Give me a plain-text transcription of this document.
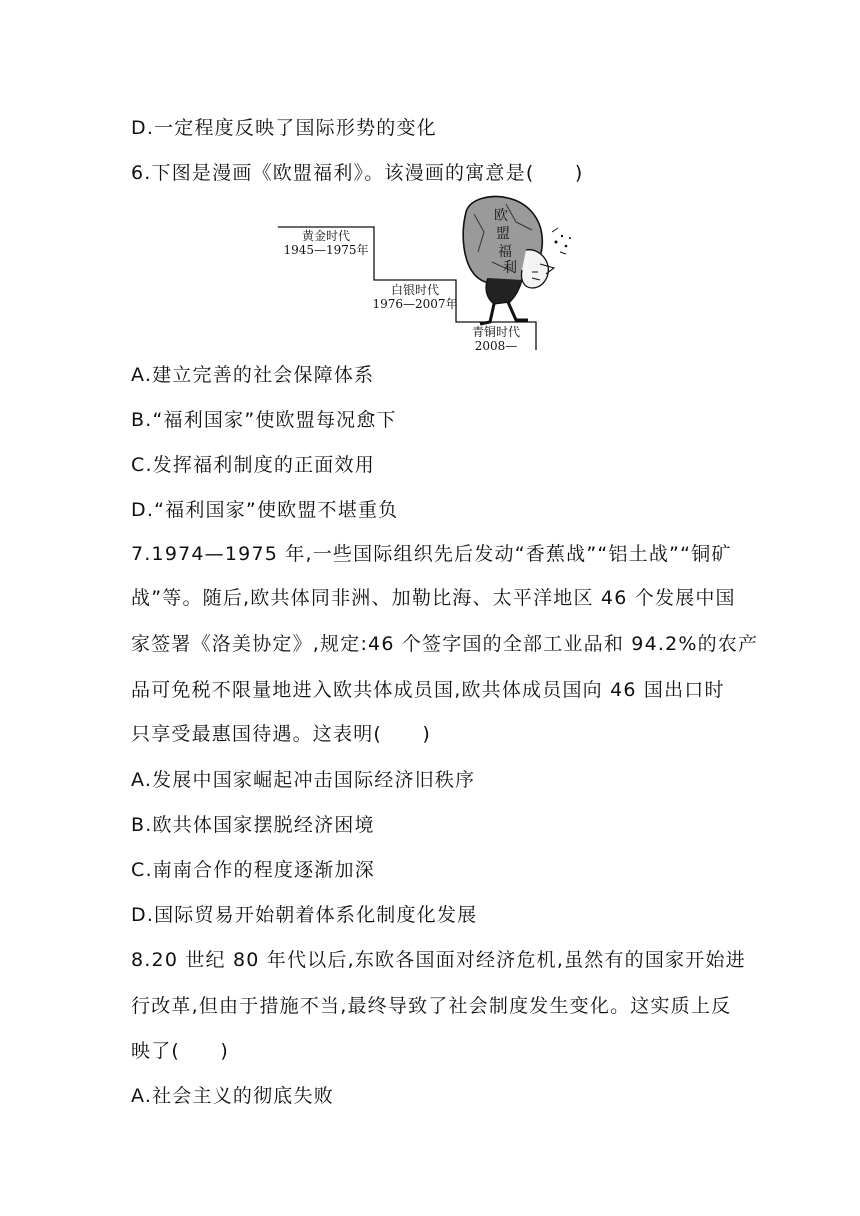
D.一定程度反映了国际形势的变化
6.下图是漫画《欧盟福利》。该漫画的寓意是(　　)
黄金时代
1945—1975年
白银时代
1976—2007年
青铜时代
2008—
欧
盟
福
利
A.建立完善的社会保障体系
B.“福利国家”使欧盟每况愈下
C.发挥福利制度的正面效用
D.“福利国家”使欧盟不堪重负
7.1974—1975 年,一些国际组织先后发动“香蕉战”“铝土战”“铜矿
战”等。随后,欧共体同非洲、加勒比海、太平洋地区 46 个发展中国
家签署《洛美协定》,规定:46 个签字国的全部工业品和 94.2%的农产
品可免税不限量地进入欧共体成员国,欧共体成员国向 46 国出口时
只享受最惠国待遇。这表明(　　)
A.发展中国家崛起冲击国际经济旧秩序
B.欧共体国家摆脱经济困境
C.南南合作的程度逐渐加深
D.国际贸易开始朝着体系化制度化发展
8.20 世纪 80 年代以后,东欧各国面对经济危机,虽然有的国家开始进
行改革,但由于措施不当,最终导致了社会制度发生变化。这实质上反
映了(　　)
A.社会主义的彻底失败
